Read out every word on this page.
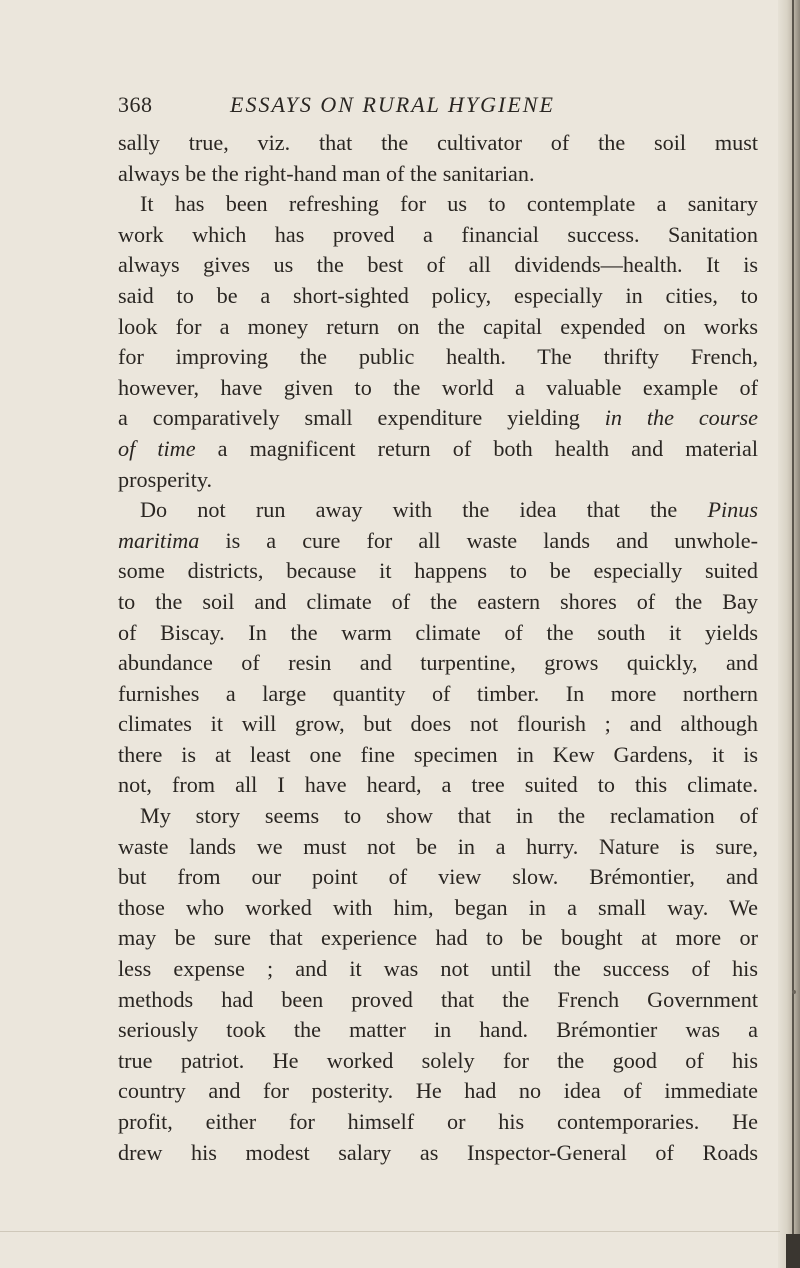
368	ESSAYS ON RURAL HYGIENE
sally true, viz. that the cultivator of the soil must
always be the right-hand man of the sanitarian.
It has been refreshing for us to contemplate a sanitary
work which has proved a financial success. Sanitation
always gives us the best of all dividends—health. It is
said to be a short-sighted policy, especially in cities, to
look for a money return on the capital expended on works
for improving the public health. The thrifty French,
however, have given to the world a valuable example of
a comparatively small expenditure yielding in the course
of time a magnificent return of both health and material
prosperity.
Do not run away with the idea that the Pinus
maritima is a cure for all waste lands and unwhole-
some districts, because it happens to be especially suited
to the soil and climate of the eastern shores of the Bay
of Biscay. In the warm climate of the south it yields
abundance of resin and turpentine, grows quickly, and
furnishes a large quantity of timber. In more northern
climates it will grow, but does not flourish ; and although
there is at least one fine specimen in Kew Gardens, it is
not, from all I have heard, a tree suited to this climate.
My story seems to show that in the reclamation of
waste lands we must not be in a hurry. Nature is sure,
but from our point of view slow. Brémontier, and
those who worked with him, began in a small way. We
may be sure that experience had to be bought at more or
less expense ; and it was not until the success of his
methods had been proved that the French Government
seriously took the matter in hand. Brémontier was a
true patriot. He worked solely for the good of his
country and for posterity. He had no idea of immediate
profit, either for himself or his contemporaries. He
drew his modest salary as Inspector-General of Roads
